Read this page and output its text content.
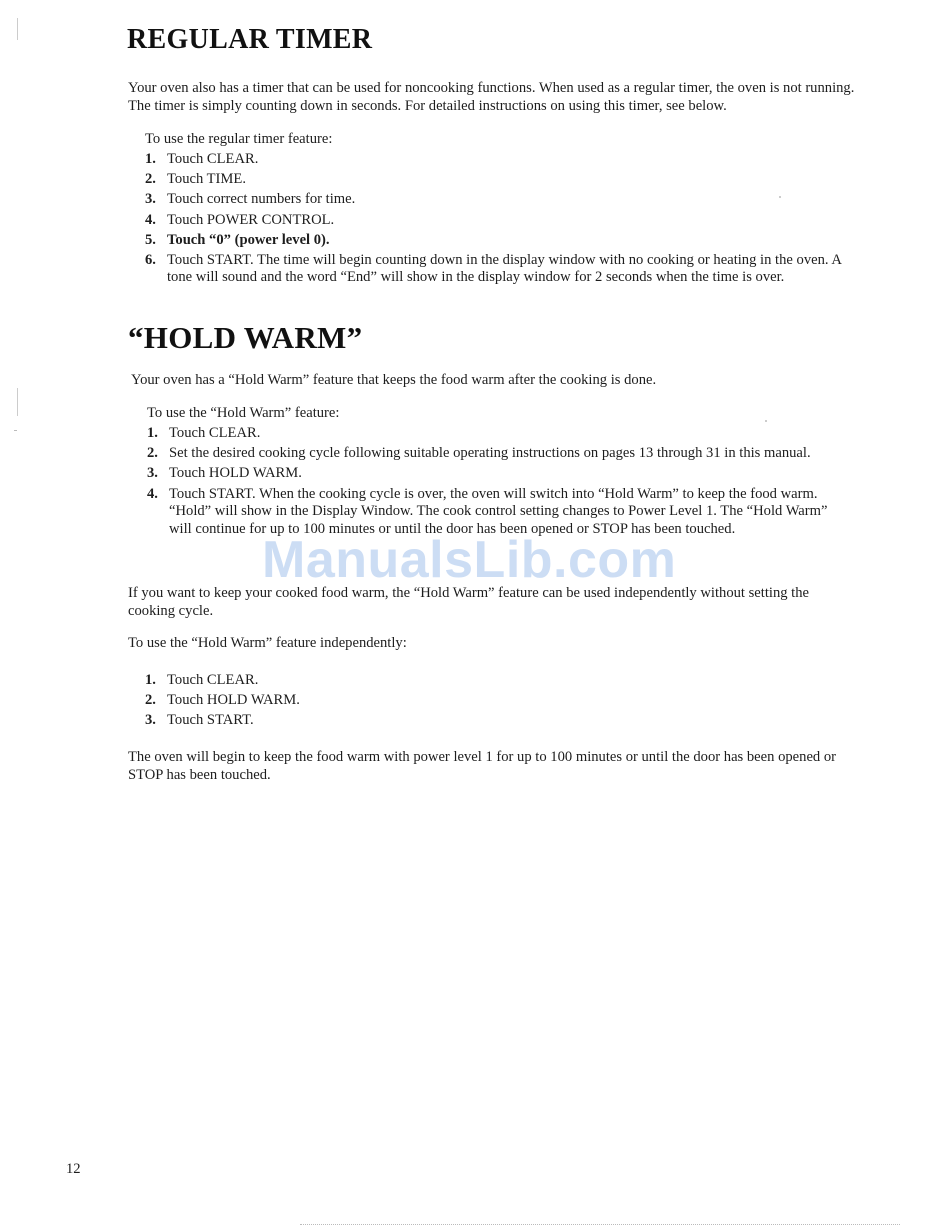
REGULAR TIMER

Your oven also has a timer that can be used for noncooking functions. When used as a regular timer, the oven is not running. The timer is simply counting down in seconds. For detailed instructions on using this timer, see below.

To use the regular timer feature:

1. Touch CLEAR.
2. Touch TIME.
3. Touch correct numbers for time.
4. Touch POWER CONTROL.
5. Touch “0” (power level 0).
6. Touch START. The time will begin counting down in the display window with no cooking or heating in the oven. A tone will sound and the word “End” will show in the display window for 2 seconds when the time is over.
“HOLD WARM”

Your oven has a “Hold Warm” feature that keeps the food warm after the cooking is done.

To use the “Hold Warm” feature:

1. Touch CLEAR.
2. Set the desired cooking cycle following suitable operating instructions on pages 13 through 31 in this manual.
3. Touch HOLD WARM.
4. Touch START. When the cooking cycle is over, the oven will switch into “Hold Warm” to keep the food warm. “Hold” will show in the Display Window. The cook control setting changes to Power Level 1. The “Hold Warm” will continue for up to 100 minutes or until the door has been opened or STOP has been touched.

If you want to keep your cooked food warm, the “Hold Warm” feature can be used independently without setting the cooking cycle.

To use the “Hold Warm” feature independently:

1. Touch CLEAR.
2. Touch HOLD WARM.
3. Touch START.

The oven will begin to keep the food warm with power level 1 for up to 100 minutes or until the door has been opened or STOP has been touched.

ManualsLib.com
12
